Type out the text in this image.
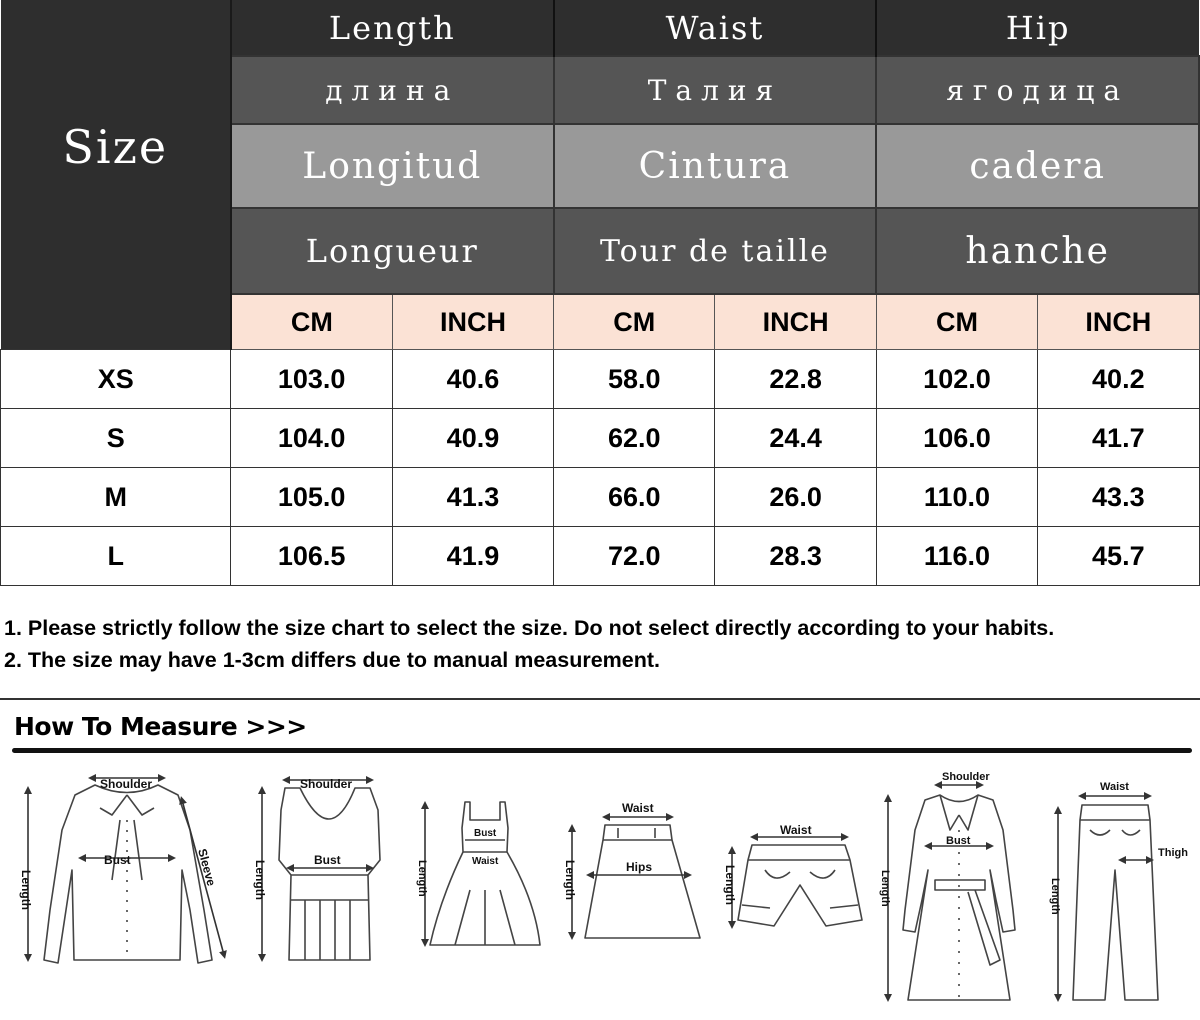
Size	Length		Waist		Hip	
	длина		Талия		ягодица	
	Longitud		Cintura		cadera	
	Longueur		Tour de taille		hanche	
	CM	INCH	CM	INCH	CM	INCH
XS	103.0	40.6	58.0	22.8	102.0	40.2
S	104.0	40.9	62.0	24.4	106.0	41.7
M	105.0	41.3	66.0	26.0	110.0	43.3
L	106.5	41.9	72.0	28.3	116.0	45.7
1. Please strictly follow the size chart to select the size. Do not select directly according to your habits.
2. The size may have 1-3cm differs due to manual measurement.
How To Measure >>>
Shoulder
Bust
Length
Sleeve
Shoulder
Bust
Length
Bust
Waist
Length
Waist
Hips
Length
Waist
Length
Shoulder
Bust
Length
Waist
Thigh
Length
